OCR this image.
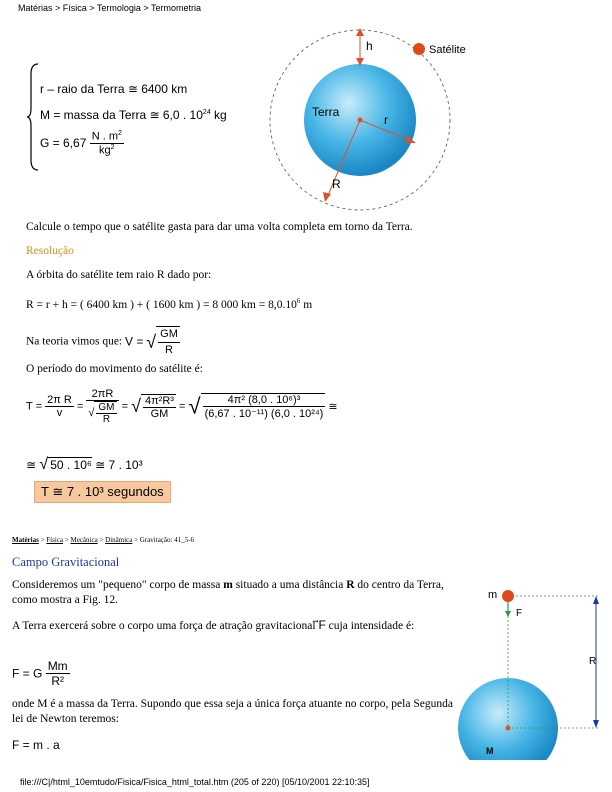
Matérias > Física > Termologia > Termometria
r – raio da Terra ≅ 6400 km
M = massa da Terra ≅ 6,0 . $10^{24}$ kg
$G = 6,67 \frac{N . m^2}{kg^2}$
h	Satélite
Terra
r
R
Calcule o tempo que o satélite gasta para dar uma volta completa em torno da Terra.
Resolução
A órbita do satélite tem raio R dado por:
R = r + h = ( 6400 km ) + ( 1600 km ) = 8 000 km = $8,0.10^6$ m
Na teoria vimos que: V = √ $\frac{GM}{R}$
O período do movimento do satélite é:
$T = \frac{\text{2π R}}{v} = \frac{2\pi R}{√ \frac{GM}{R}}$ = √ $\frac{\text{4π²R³}}{GM}$ = √ $\frac{\text{4π² (8,0 . 10⁶)³}}{\text{(6,67 . 10⁻¹¹) (6,0 . 10²⁴)}}$ ≅
≅ √ 50 . 10⁶ ≅ 7 . 10³
T ≅ 7 . 10³ segundos
Matérias > Física > Mecânica > Dinâmica > Gravitação: 41_5-6
Campo Gravitacional
Consideremos um "pequeno" corpo de massa m situado a uma distância R do centro da Terra, como mostra a Fig. 12.
A Terra exercerá sobre o corpo uma força de atração gravitacional F cuja intensidade é:
F = G $\frac{Mm}{\text{R²}}$
onde M é a massa da Terra. Supondo que essa seja a única força atuante no corpo, pela Segunda lei de Newton teremos:
F = m . a
m
F
R
M
file:///C|/html_10emtudo/Fisica/Fisica_html_total.htm (205 of 220) [05/10/2001 22:10:35]
